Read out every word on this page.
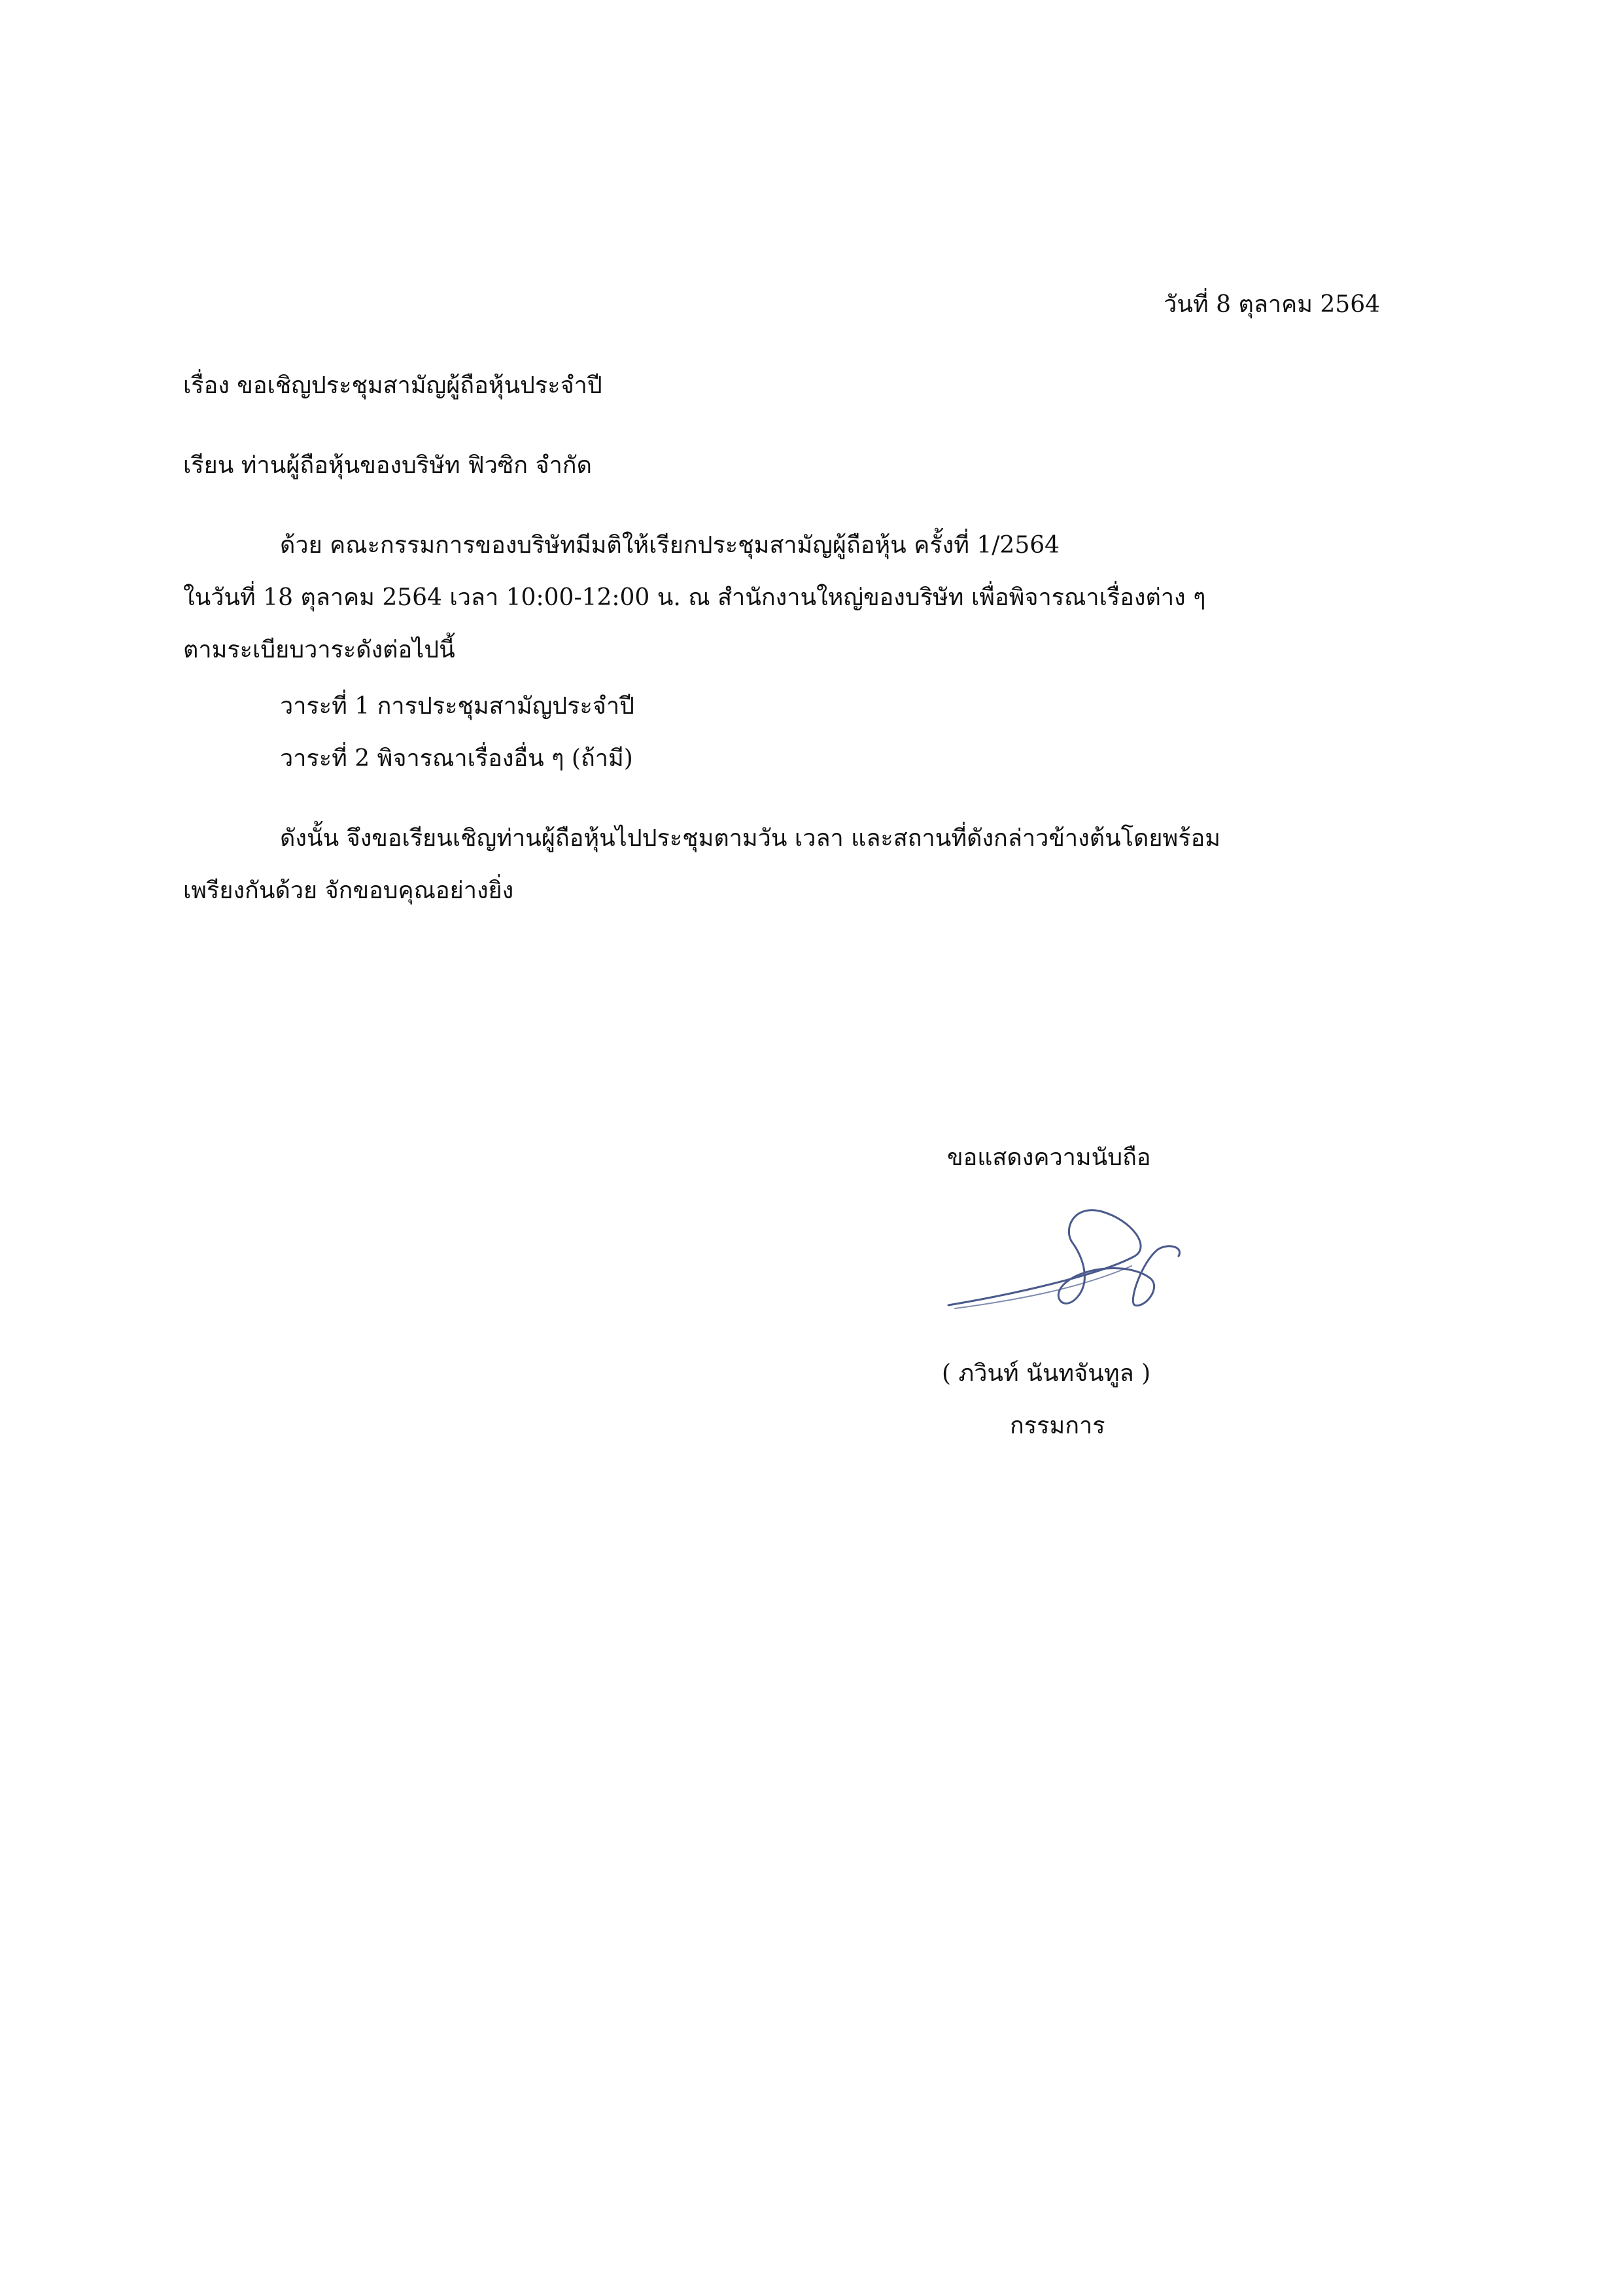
วันที่ 8 ตุลาคม 2564

เรื่อง ขอเชิญประชุมสามัญผู้ถือหุ้นประจำปี

เรียน ท่านผู้ถือหุ้นของบริษัท ฟิวซิก จำกัด

ด้วย คณะกรรมการของบริษัทมีมติให้เรียกประชุมสามัญผู้ถือหุ้น ครั้งที่ 1/2564

ในวันที่ 18 ตุลาคม 2564 เวลา 10:00-12:00 น. ณ สำนักงานใหญ่ของบริษัท เพื่อพิจารณาเรื่องต่าง ๆ

ตามระเบียบวาระดังต่อไปนี้

วาระที่ 1 การประชุมสามัญประจำปี

วาระที่ 2 พิจารณาเรื่องอื่น ๆ (ถ้ามี)

ดังนั้น จึงขอเรียนเชิญท่านผู้ถือหุ้นไปประชุมตามวัน เวลา และสถานที่ดังกล่าวข้างต้นโดยพร้อม

เพรียงกันด้วย จักขอบคุณอย่างยิ่ง

ขอแสดงความนับถือ

( ภวินท์ นันทจันทูล )

กรรมการ
